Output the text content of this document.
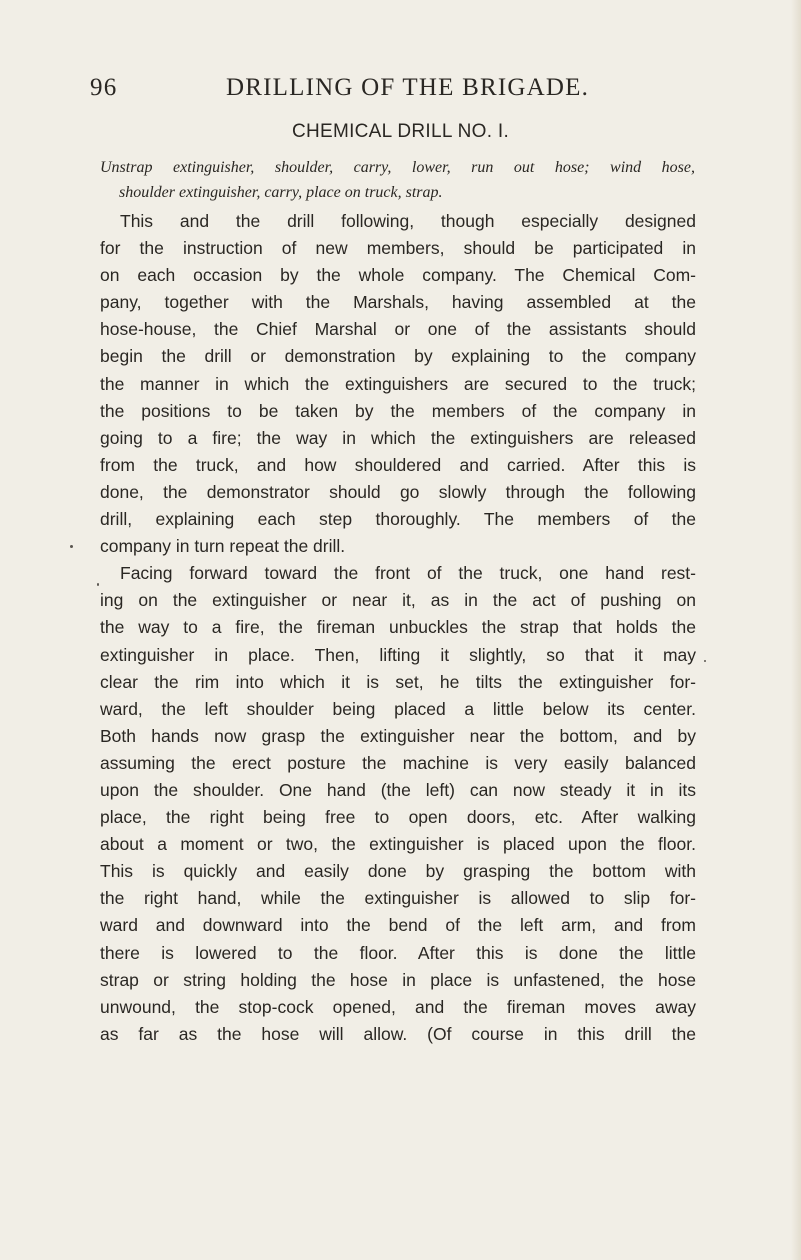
96	DRILLING OF THE BRIGADE.
CHEMICAL DRILL NO. I.
Unstrap extinguisher, shoulder, carry, lower, run out hose; wind hose,
shoulder extinguisher, carry, place on truck, strap.
This and the drill following, though especially designed
for the instruction of new members, should be participated in
on each occasion by the whole company. The Chemical Com-
pany, together with the Marshals, having assembled at the
hose-house, the Chief Marshal or one of the assistants should
begin the drill or demonstration by explaining to the company
the manner in which the extinguishers are secured to the truck;
the positions to be taken by the members of the company in
going to a fire; the way in which the extinguishers are released
from the truck, and how shouldered and carried. After this is
done, the demonstrator should go slowly through the following
drill, explaining each step thoroughly. The members of the
company in turn repeat the drill.
Facing forward toward the front of the truck, one hand rest-
ing on the extinguisher or near it, as in the act of pushing on
the way to a fire, the fireman unbuckles the strap that holds the
extinguisher in place. Then, lifting it slightly, so that it may
clear the rim into which it is set, he tilts the extinguisher for-
ward, the left shoulder being placed a little below its center.
Both hands now grasp the extinguisher near the bottom, and by
assuming the erect posture the machine is very easily balanced
upon the shoulder. One hand (the left) can now steady it in its
place, the right being free to open doors, etc. After walking
about a moment or two, the extinguisher is placed upon the floor.
This is quickly and easily done by grasping the bottom with
the right hand, while the extinguisher is allowed to slip for-
ward and downward into the bend of the left arm, and from
there is lowered to the floor. After this is done the little
strap or string holding the hose in place is unfastened, the hose
unwound, the stop-cock opened, and the fireman moves away
as far as the hose will allow. (Of course in this drill the
